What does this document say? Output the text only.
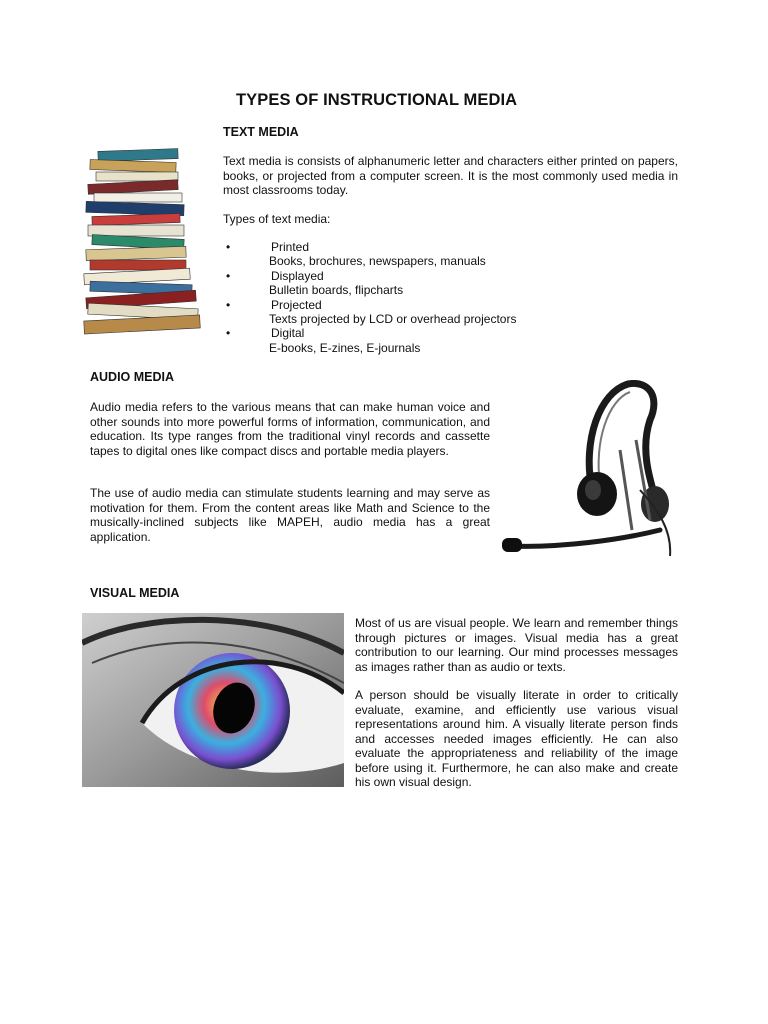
TYPES OF INSTRUCTIONAL MEDIA
TEXT MEDIA
Text media is consists of alphanumeric letter and characters either printed on papers, books, or projected from a computer screen. It is the most commonly used media in most classrooms today.
Types of text media:
•	Printed
Books, brochures, newspapers, manuals
•	Displayed
Bulletin boards, flipcharts
•	Projected
Texts projected by LCD or overhead projectors
•	Digital
E-books, E-zines, E-journals
AUDIO MEDIA
Audio media refers to the various means that can make human voice and other sounds into more powerful forms of information, communication, and education. Its type ranges from the traditional vinyl records and cassette tapes to digital ones like compact discs and portable media players.
The use of audio media can stimulate students learning and may serve as motivation for them. From the content areas like Math and Science to the musically-inclined subjects like MAPEH, audio media has a great application.
VISUAL MEDIA
Most of us are visual people. We learn and remember things through pictures or images. Visual media has a great contribution to our learning. Our mind processes messages as images rather than as audio or texts.
A person should be visually literate in order to critically evaluate, examine, and efficiently use various visual representations around him. A visually literate person finds and accesses needed images efficiently. He can also evaluate the appropriateness and reliability of the image before using it. Furthermore, he can also make and create his own visual design.
